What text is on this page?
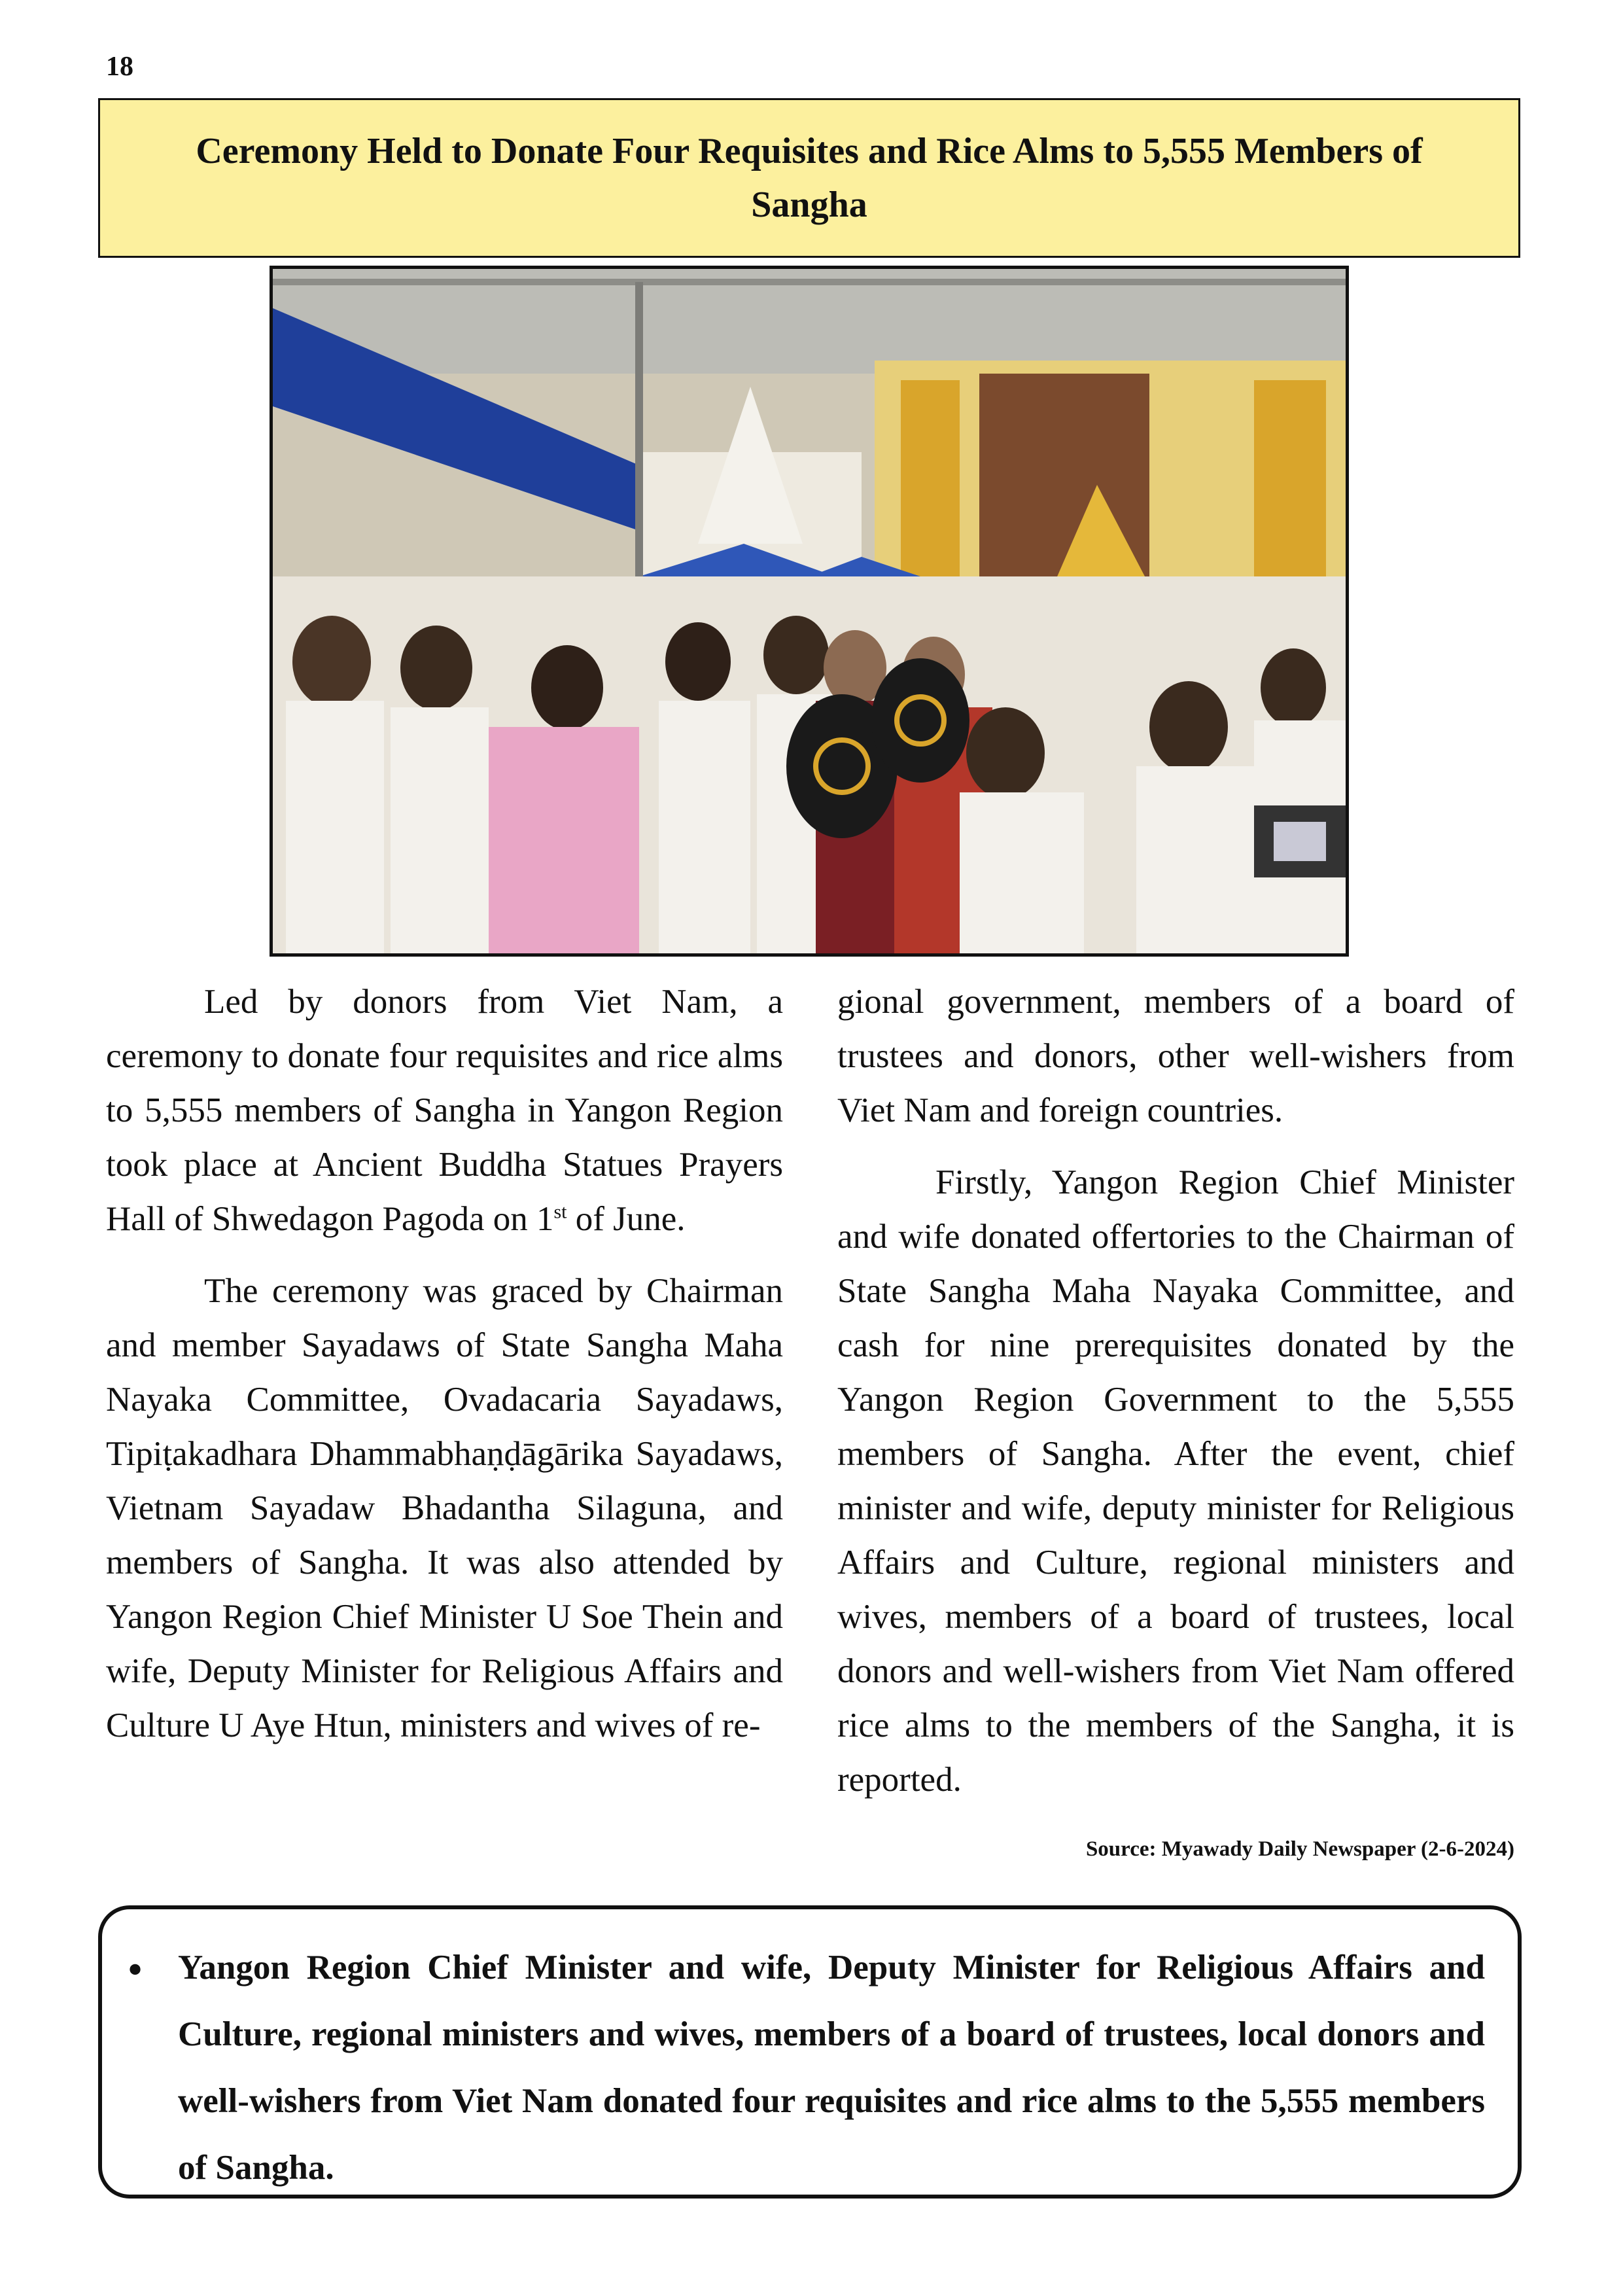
18
Ceremony Held to Donate Four Requisites and Rice Alms to 5,555 Members of Sangha

Led by donors from Viet Nam, a ceremony to donate four requisites and rice alms to 5,555 members of Sangha in Yangon Region took place at Ancient Buddha Statues Prayers Hall of Shwedagon Pagoda on 1st of June.

The ceremony was graced by Chairman and member Sayadaws of State Sangha Maha Nayaka Committee, Ovadacaria Sayadaws, Tipiṭakadhara Dhammabhaṇḍāgārika Sayadaws, Vietnam Sayadaw Bhadantha Silaguna, and members of Sangha. It was also attended by Yangon Region Chief Minister U Soe Thein and wife, Deputy Minister for Religious Affairs and Culture U Aye Htun, ministers and wives of re-

gional government, members of a board of trustees and donors, other well-wishers from Viet Nam and foreign countries.

Firstly, Yangon Region Chief Minister and wife donated offertories to the Chairman of State Sangha Maha Nayaka Committee, and cash for nine prerequisites donated by the Yangon Region Government to the 5,555 members of Sangha. After the event, chief minister and wife, deputy minister for Religious Affairs and Culture, regional ministers and wives, members of a board of trustees, local donors and well-wishers from Viet Nam offered rice alms to the members of the Sangha, it is reported.

Source: Myawady Daily Newspaper (2-6-2024)
• Yangon Region Chief Minister and wife, Deputy Minister for Religious Affairs and Culture, regional ministers and wives, members of a board of trustees, local donors and well-wishers from Viet Nam donated four requisites and rice alms to the 5,555 members of Sangha.
